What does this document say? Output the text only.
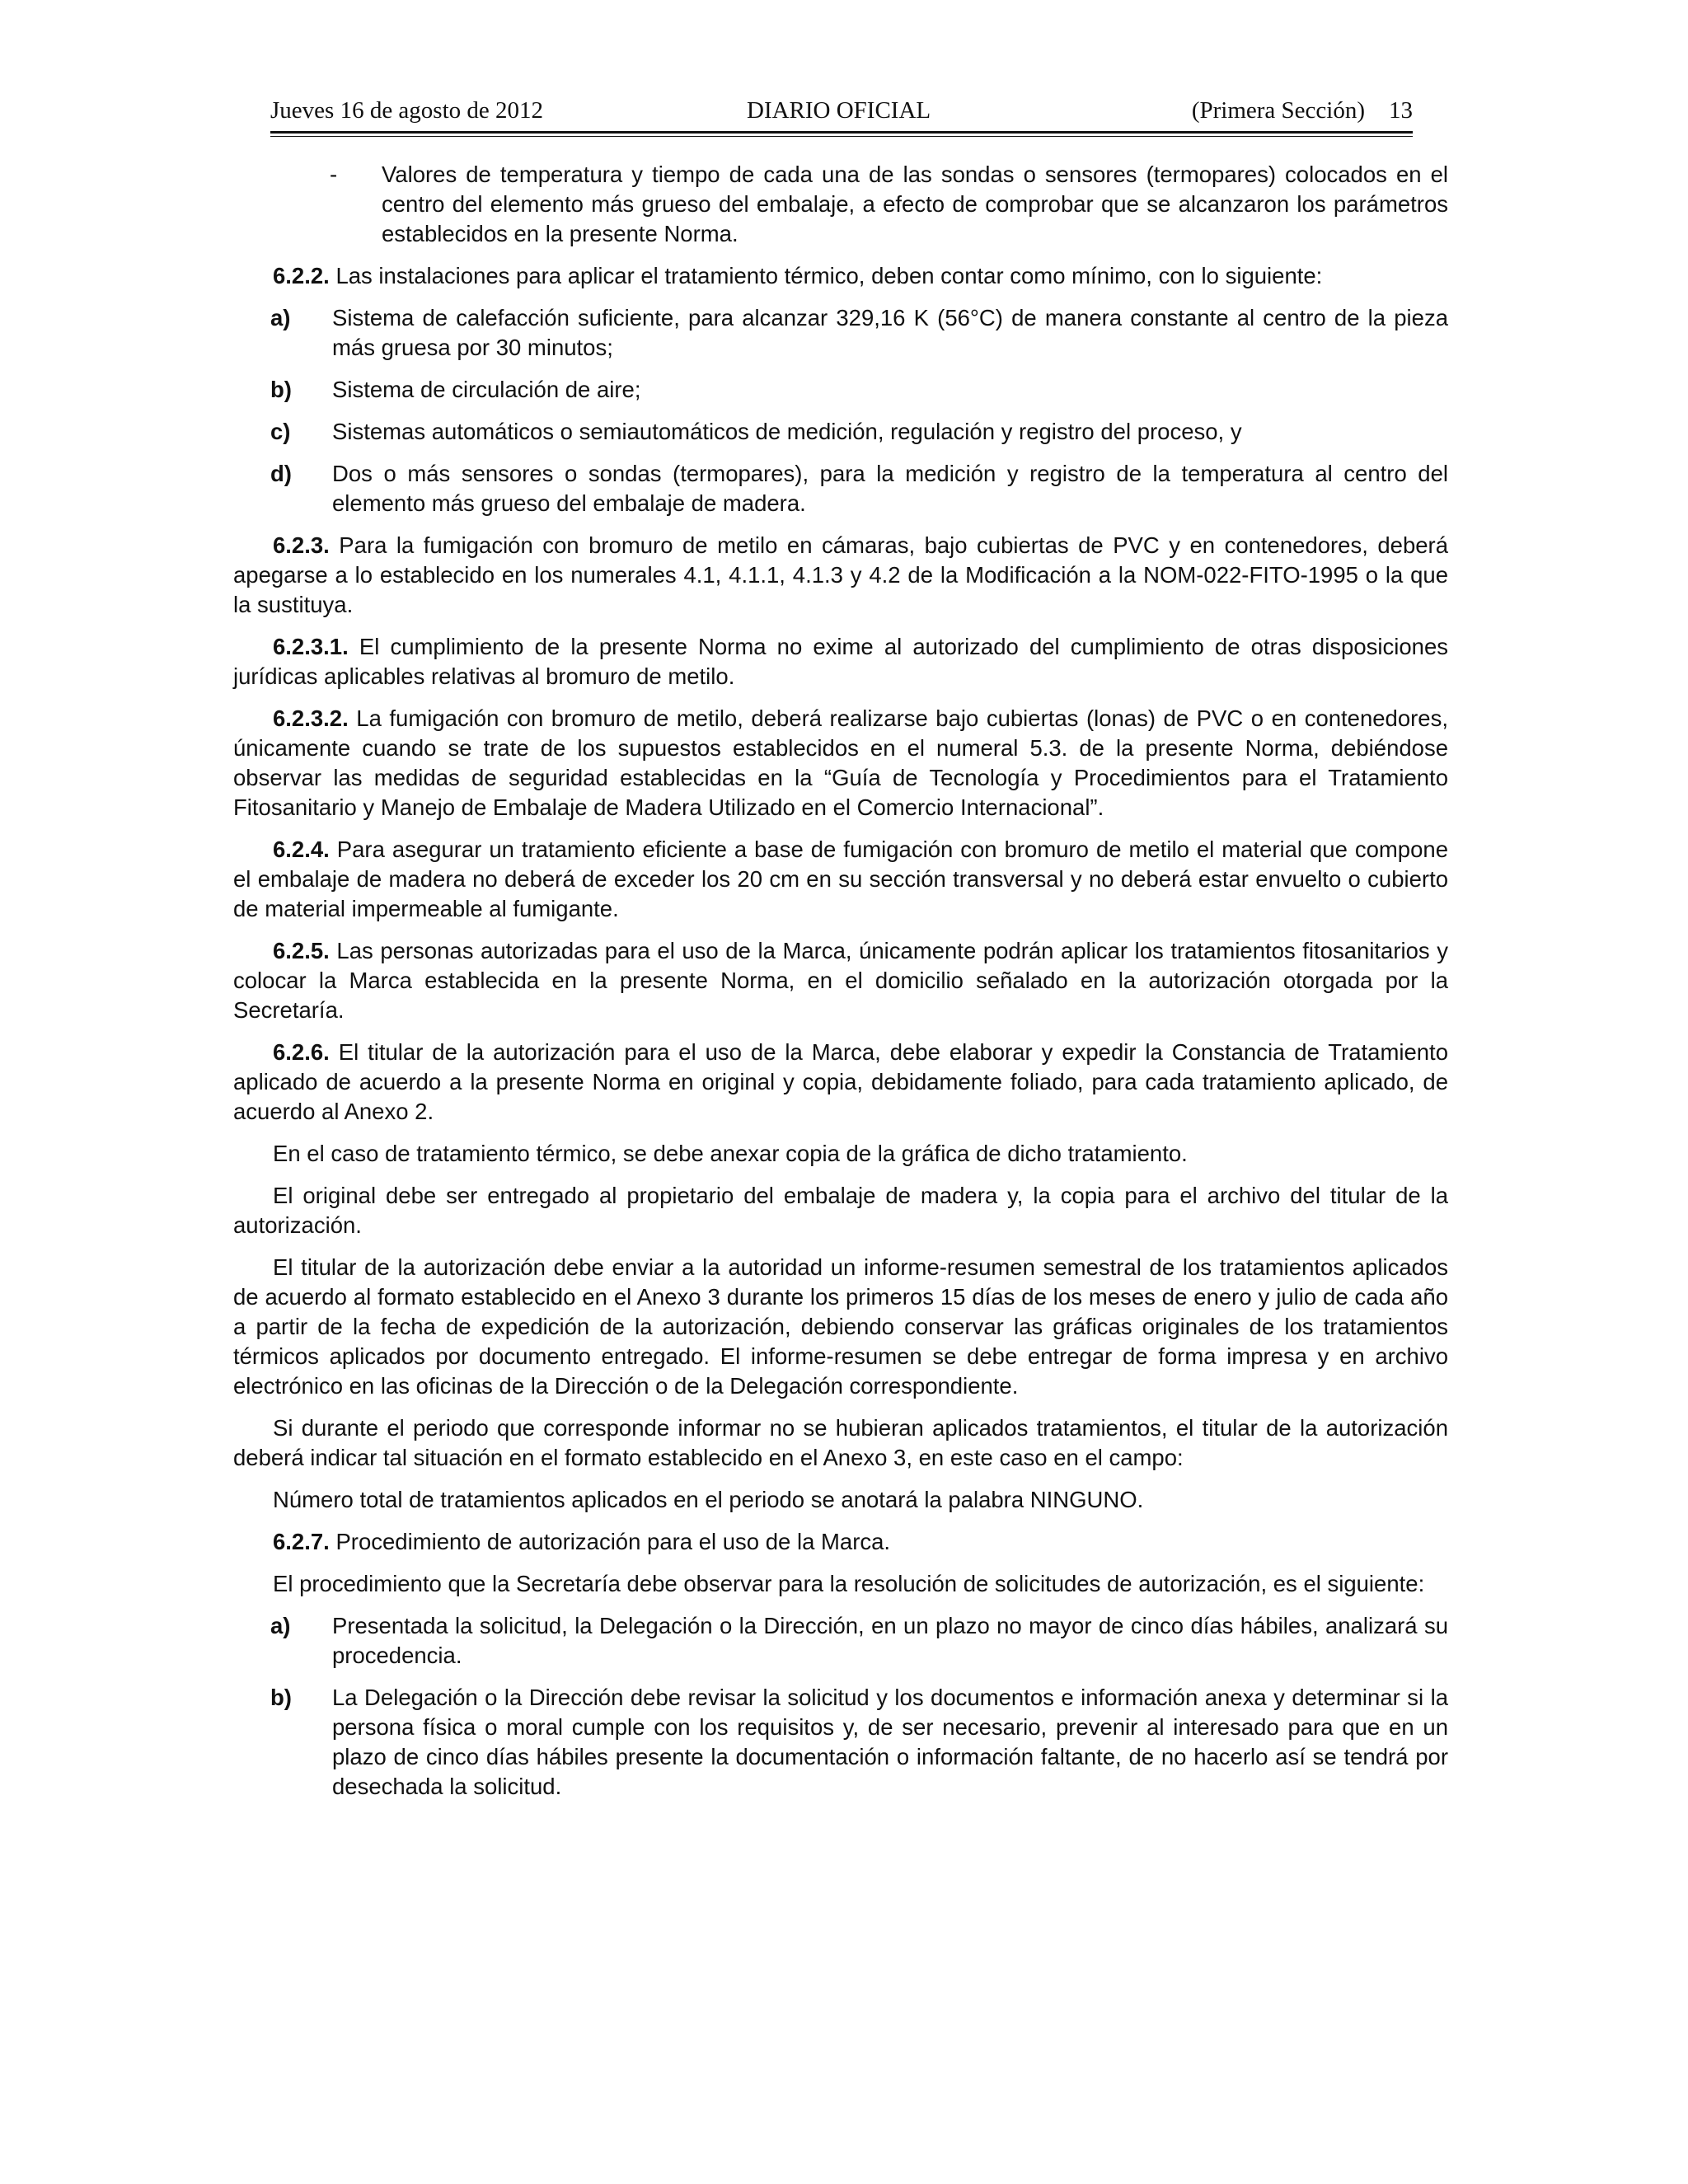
Jueves 16 de agosto de 2012	DIARIO OFICIAL	(Primera Sección) 13
- Valores de temperatura y tiempo de cada una de las sondas o sensores (termopares) colocados en el centro del elemento más grueso del embalaje, a efecto de comprobar que se alcanzaron los parámetros establecidos en la presente Norma.

6.2.2. Las instalaciones para aplicar el tratamiento térmico, deben contar como mínimo, con lo siguiente:

a) Sistema de calefacción suficiente, para alcanzar 329,16 K (56°C) de manera constante al centro de la pieza más gruesa por 30 minutos;
b) Sistema de circulación de aire;
c) Sistemas automáticos o semiautomáticos de medición, regulación y registro del proceso, y
d) Dos o más sensores o sondas (termopares), para la medición y registro de la temperatura al centro del elemento más grueso del embalaje de madera.

6.2.3. Para la fumigación con bromuro de metilo en cámaras, bajo cubiertas de PVC y en contenedores, deberá apegarse a lo establecido en los numerales 4.1, 4.1.1, 4.1.3 y 4.2 de la Modificación a la NOM-022-FITO-1995 o la que la sustituya.

6.2.3.1. El cumplimiento de la presente Norma no exime al autorizado del cumplimiento de otras disposiciones jurídicas aplicables relativas al bromuro de metilo.

6.2.3.2. La fumigación con bromuro de metilo, deberá realizarse bajo cubiertas (lonas) de PVC o en contenedores, únicamente cuando se trate de los supuestos establecidos en el numeral 5.3. de la presente Norma, debiéndose observar las medidas de seguridad establecidas en la “Guía de Tecnología y Procedimientos para el Tratamiento Fitosanitario y Manejo de Embalaje de Madera Utilizado en el Comercio Internacional”.

6.2.4. Para asegurar un tratamiento eficiente a base de fumigación con bromuro de metilo el material que compone el embalaje de madera no deberá de exceder los 20 cm en su sección transversal y no deberá estar envuelto o cubierto de material impermeable al fumigante.

6.2.5. Las personas autorizadas para el uso de la Marca, únicamente podrán aplicar los tratamientos fitosanitarios y colocar la Marca establecida en la presente Norma, en el domicilio señalado en la autorización otorgada por la Secretaría.

6.2.6. El titular de la autorización para el uso de la Marca, debe elaborar y expedir la Constancia de Tratamiento aplicado de acuerdo a la presente Norma en original y copia, debidamente foliado, para cada tratamiento aplicado, de acuerdo al Anexo 2.

En el caso de tratamiento térmico, se debe anexar copia de la gráfica de dicho tratamiento.

El original debe ser entregado al propietario del embalaje de madera y, la copia para el archivo del titular de la autorización.

El titular de la autorización debe enviar a la autoridad un informe-resumen semestral de los tratamientos aplicados de acuerdo al formato establecido en el Anexo 3 durante los primeros 15 días de los meses de enero y julio de cada año a partir de la fecha de expedición de la autorización, debiendo conservar las gráficas originales de los tratamientos térmicos aplicados por documento entregado. El informe-resumen se debe entregar de forma impresa y en archivo electrónico en las oficinas de la Dirección o de la Delegación correspondiente.

Si durante el periodo que corresponde informar no se hubieran aplicados tratamientos, el titular de la autorización deberá indicar tal situación en el formato establecido en el Anexo 3, en este caso en el campo:

Número total de tratamientos aplicados en el periodo se anotará la palabra NINGUNO.

6.2.7. Procedimiento de autorización para el uso de la Marca.

El procedimiento que la Secretaría debe observar para la resolución de solicitudes de autorización, es el siguiente:

a) Presentada la solicitud, la Delegación o la Dirección, en un plazo no mayor de cinco días hábiles, analizará su procedencia.
b) La Delegación o la Dirección debe revisar la solicitud y los documentos e información anexa y determinar si la persona física o moral cumple con los requisitos y, de ser necesario, prevenir al interesado para que en un plazo de cinco días hábiles presente la documentación o información faltante, de no hacerlo así se tendrá por desechada la solicitud.
